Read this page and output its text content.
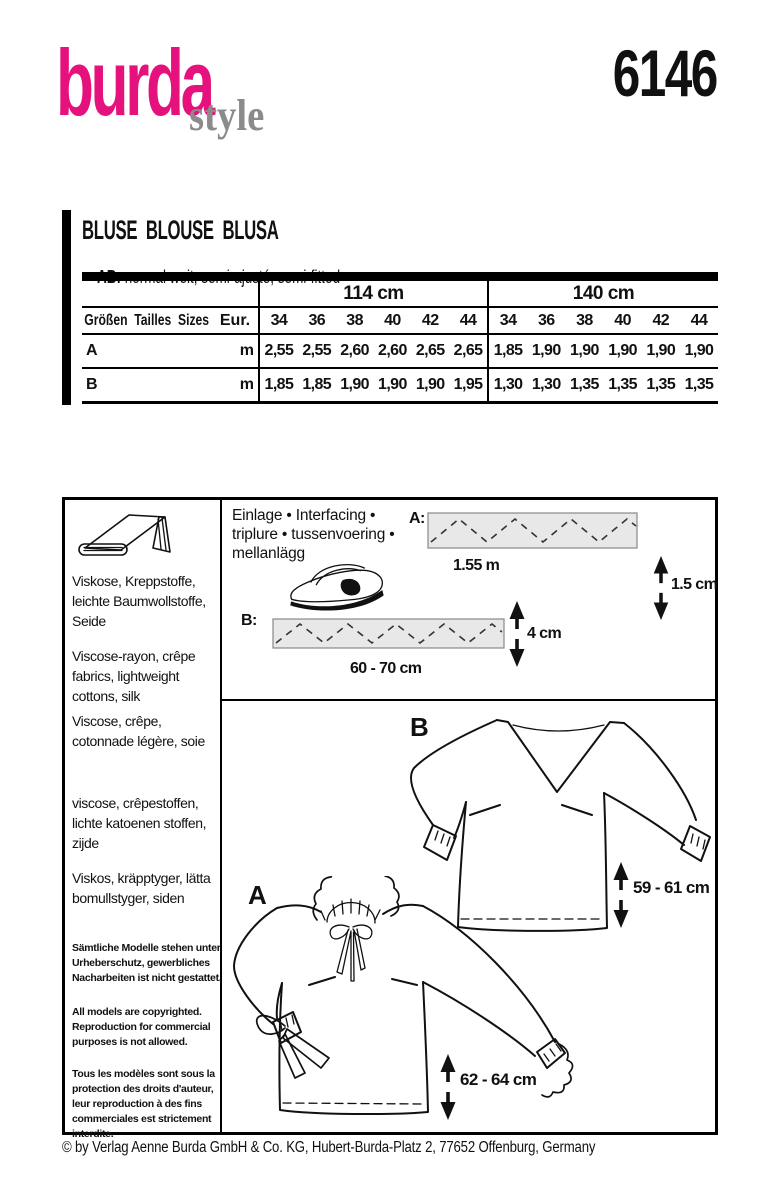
burda
style
6146
BLUSE  BLOUSE  BLUSA

114 cm	140 cm
Größen  Tailles  Sizes Eur.	34	36	38	40	42	44	34	36	38	40	42	44
A	m 2,55 2,55 2,60 2,60 2,65 2,65 1,85 1,90 1,90 1,90 1,90 1,90
B	m 1,85 1,85 1,90 1,90 1,90 1,95 1,30 1,30 1,35 1,35 1,35 1,35
Viskose, Kreppstoffe, leichte Baumwollstoffe, Seide
Viscose-rayon, crêpe fabrics, lightweight cottons, silk
Viscose, crêpe, cotonnade légère, soie
viscose, crêpestoffen, lichte katoenen stoffen, zijde
Viskos, kräpptyger, lätta bomullstyger, siden
Sämtliche Modelle stehen unter Urheberschutz, gewerbliches Nacharbeiten ist nicht gestattet.
All models are copyrighted. Reproduction for commercial purposes is not allowed.
Tous les modèles sont sous la protection des droits d'auteur, leur reproduction à des fins commerciales est strictement interdite.
Einlage • Interfacing • triplure • tussenvoering • mellanlägg
A:
1.55 m
1.5 cm
B:
4 cm
60 - 70 cm
B
59 - 61 cm
A
62 - 64 cm
© by Verlag Aenne Burda GmbH & Co. KG, Hubert-Burda-Platz 2, 77652 Offenburg, Germany
